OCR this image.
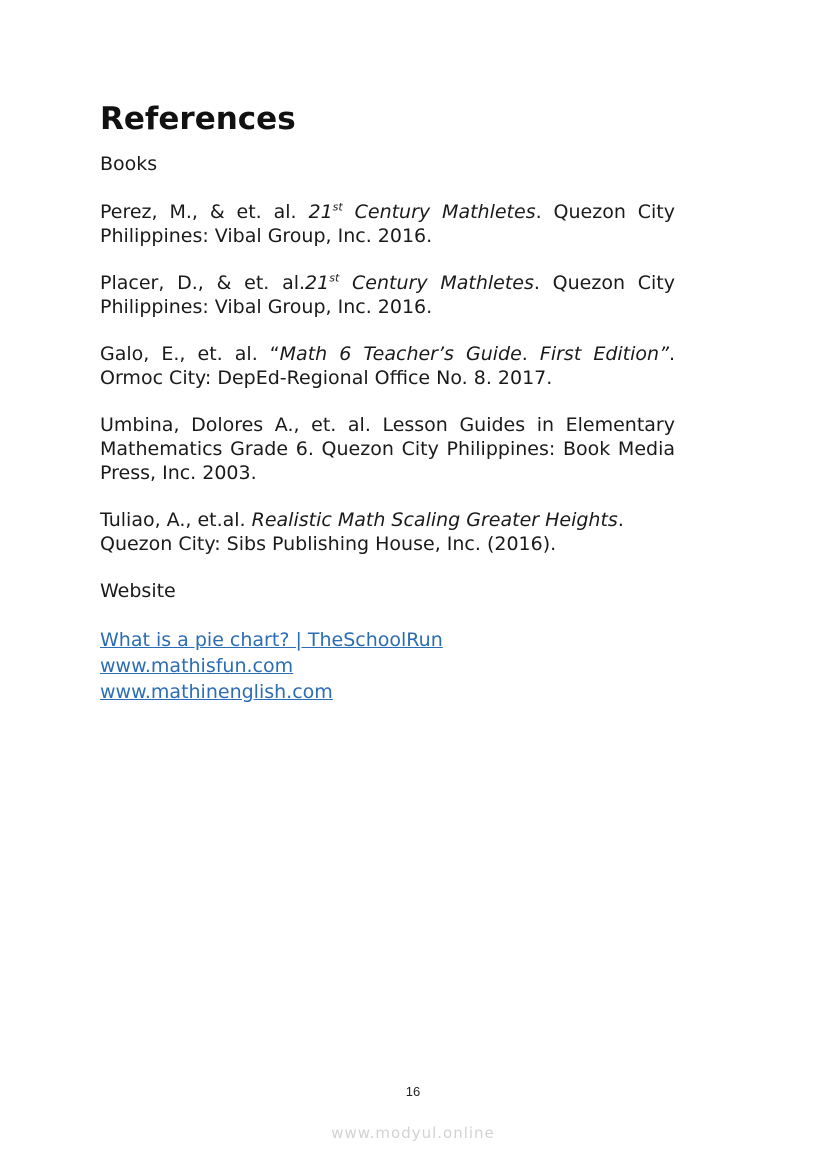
References
Books

Perez, M., & et. al. 21st Century Mathletes. Quezon City Philippines: Vibal Group, Inc. 2016.

Placer, D., & et. al.21st Century Mathletes. Quezon City Philippines: Vibal Group, Inc. 2016.

Galo, E., et. al. “Math 6 Teacher’s Guide. First Edition”. Ormoc City: DepEd-Regional Office No. 8. 2017.

Umbina, Dolores A., et. al. Lesson Guides in Elementary Mathematics Grade 6. Quezon City Philippines: Book Media Press, Inc. 2003.

Tuliao, A., et.al. Realistic Math Scaling Greater Heights. Quezon City: Sibs Publishing House, Inc. (2016).

Website
What is a pie chart? | TheSchoolRun
www.mathisfun.com
www.mathinenglish.com
16
www.modyul.online
